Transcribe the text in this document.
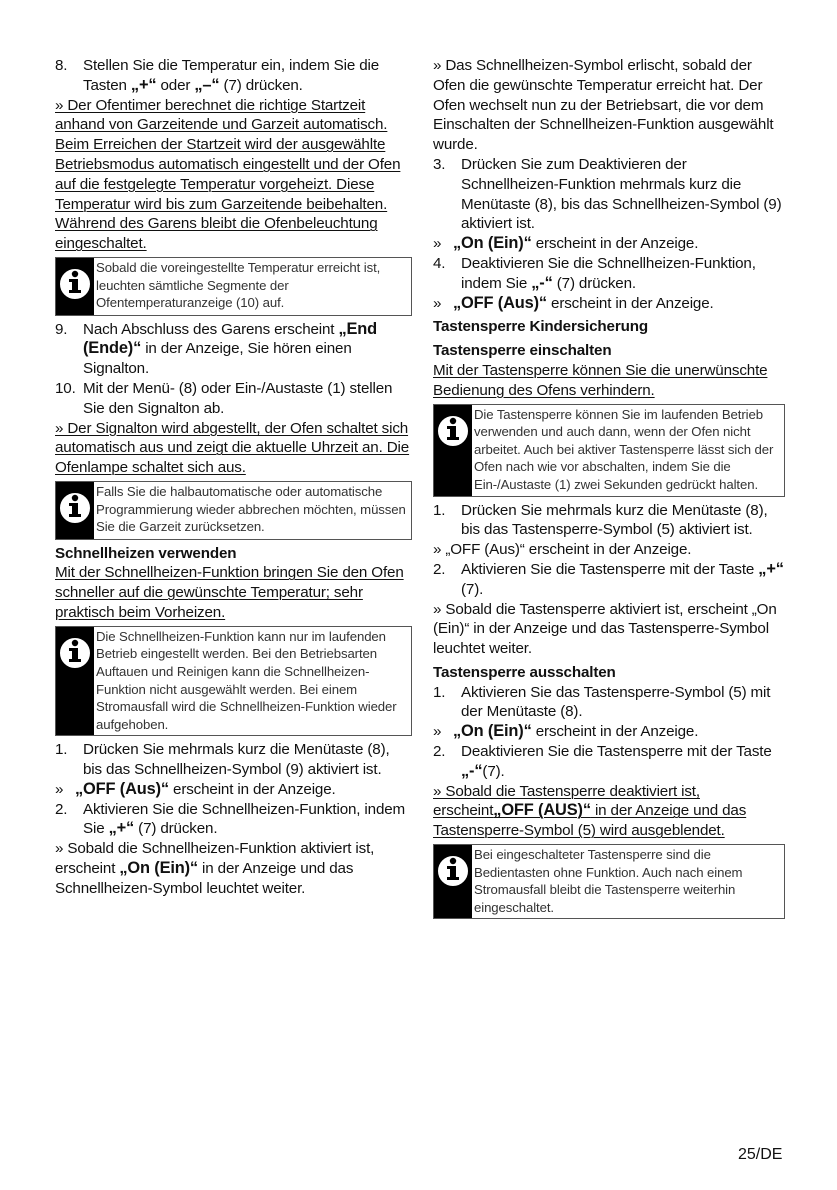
8.	Stellen Sie die Temperatur ein, indem Sie die Tasten „+“ oder „–“ (7) drücken.

» Der Ofentimer berechnet die richtige Startzeit anhand von Garzeitende und Garzeit automatisch. Beim Erreichen der Startzeit wird der ausgewählte Betriebsmodus automatisch eingestellt und der Ofen auf die festgelegte Temperatur vorgeheizt. Diese Temperatur wird bis zum Garzeitende beibehalten. Während des Garens bleibt die Ofenbeleuchtung eingeschaltet.

Sobald die voreingestellte Temperatur erreicht ist, leuchten sämtliche Segmente der Ofentemperaturanzeige (10) auf.
9.	Nach Abschluss des Garens erscheint „End (Ende)“ in der Anzeige, Sie hören einen Signalton.
10. Mit der Menü- (8) oder Ein-/Austaste (1) stellen Sie den Signalton ab.

» Der Signalton wird abgestellt, der Ofen schaltet sich automatisch aus und zeigt die aktuelle Uhrzeit an. Die Ofenlampe schaltet sich aus.

Falls Sie die halbautomatische oder automatische Programmierung wieder abbrechen möchten, müssen Sie die Garzeit zurücksetzen.

Schnellheizen verwenden

Mit der Schnellheizen-Funktion bringen Sie den Ofen schneller auf die gewünschte Temperatur; sehr praktisch beim Vorheizen.

Die Schnellheizen-Funktion kann nur im laufenden Betrieb eingestellt werden. Bei den Betriebsarten Auftauen und Reinigen kann die Schnellheizen-Funktion nicht ausgewählt werden. Bei einem Stromausfall wird die Schnellheizen-Funktion wieder aufgehoben.
1.	Drücken Sie mehrmals kurz die Menütaste (8), bis das Schnellheizen-Symbol (9) aktiviert ist.
» „OFF (Aus)“ erscheint in der Anzeige.
2.	Aktivieren Sie die Schnellheizen-Funktion, indem Sie „+“ (7) drücken.

» Sobald die Schnellheizen-Funktion aktiviert ist, erscheint „On (Ein)“ in der Anzeige und das Schnellheizen-Symbol leuchtet weiter.

» Das Schnellheizen-Symbol erlischt, sobald der Ofen die gewünschte Temperatur erreicht hat. Der Ofen wechselt nun zu der Betriebsart, die vor dem Einschalten der Schnellheizen-Funktion ausgewählt wurde.

3.	Drücken Sie zum Deaktivieren der Schnellheizen-Funktion mehrmals kurz die Menütaste (8), bis das Schnellheizen-Symbol (9) aktiviert ist.
» „On (Ein)“ erscheint in der Anzeige.
4.	Deaktivieren Sie die Schnellheizen-Funktion, indem Sie „-“ (7) drücken.
» „OFF (Aus)“ erscheint in der Anzeige.

Tastensperre Kindersicherung

Tastensperre einschalten

Mit der Tastensperre können Sie die unerwünschte Bedienung des Ofens verhindern.

Die Tastensperre können Sie im laufenden Betrieb verwenden und auch dann, wenn der Ofen nicht arbeitet. Auch bei aktiver Tastensperre lässt sich der Ofen nach wie vor abschalten, indem Sie die Ein-/Austaste (1) zwei Sekunden gedrückt halten.
1.	Drücken Sie mehrmals kurz die Menütaste (8), bis das Tastensperre-Symbol (5) aktiviert ist.

» „OFF (Aus)“ erscheint in der Anzeige.

2.	Aktivieren Sie die Tastensperre mit der Taste „+“ (7).

» Sobald die Tastensperre aktiviert ist, erscheint „On (Ein)“ in der Anzeige und das Tastensperre-Symbol leuchtet weiter.

Tastensperre ausschalten

1.	Aktivieren Sie das Tastensperre-Symbol (5) mit der Menütaste (8).
» „On (Ein)“ erscheint in der Anzeige.
2.	Deaktivieren Sie die Tastensperre mit der Taste „-“(7).

» Sobald die Tastensperre deaktiviert ist, erscheint„OFF (AUS)“ in der Anzeige und das Tastensperre-Symbol (5) wird ausgeblendet.

Bei eingeschalteter Tastensperre sind die Bedientasten ohne Funktion. Auch nach einem Stromausfall bleibt die Tastensperre weiterhin eingeschaltet.
25/DE
